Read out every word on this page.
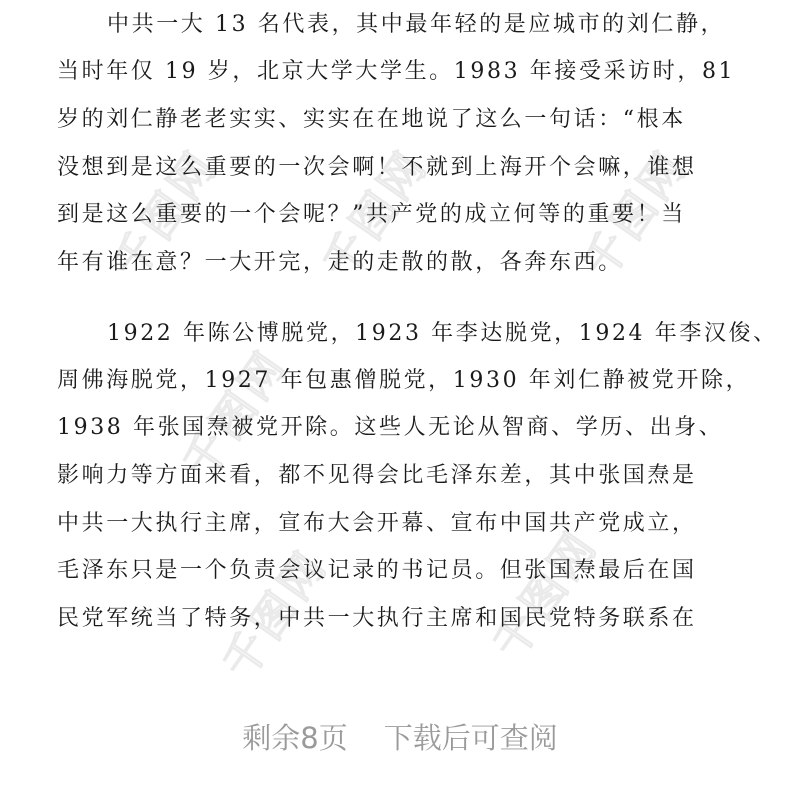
千图网 千图网	千图网
千图网
千图网	千图网
中共一大 13 名代表，其中最年轻的是应城市的刘仁静，
当时年仅 19 岁，北京大学大学生。1983 年接受采访时，81
岁的刘仁静老老实实、实实在在地说了这么一句话：“根本
没想到是这么重要的一次会啊！不就到上海开个会嘛，谁想
到是这么重要的一个会呢？”共产党的成立何等的重要！当
年有谁在意？一大开完，走的走散的散，各奔东西。
1922 年陈公博脱党，1923 年李达脱党，1924 年李汉俊、
周佛海脱党，1927 年包惠僧脱党，1930 年刘仁静被党开除，
1938 年张国焘被党开除。这些人无论从智商、学历、出身、
影响力等方面来看，都不见得会比毛泽东差，其中张国焘是
中共一大执行主席，宣布大会开幕、宣布中国共产党成立，
毛泽东只是一个负责会议记录的书记员。但张国焘最后在国
民党军统当了特务，中共一大执行主席和国民党特务联系在
剩余8页 下载后可查阅
